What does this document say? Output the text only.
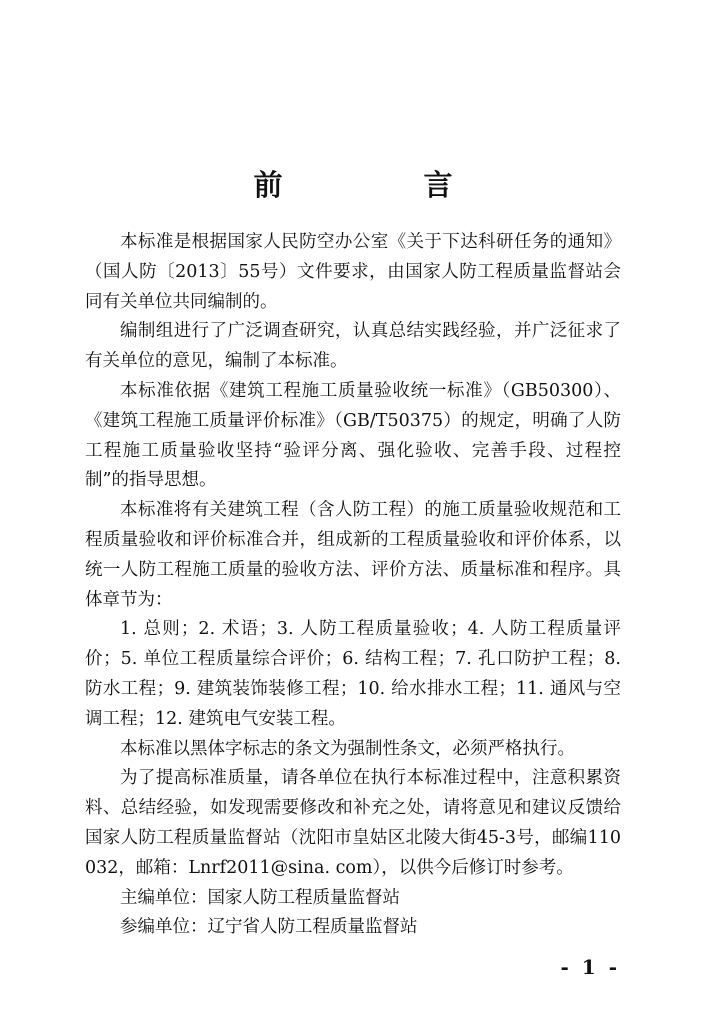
前　言

本标准是根据国家人民防空办公室《关于下达科研任务的通知》（国人防〔2013〕55号）文件要求，由国家人防工程质量监督站会同有关单位共同编制的。

编制组进行了广泛调查研究，认真总结实践经验，并广泛征求了有关单位的意见，编制了本标准。

本标准依据《建筑工程施工质量验收统一标准》（GB50300）、《建筑工程施工质量评价标准》（GB/T50375）的规定，明确了人防工程施工质量验收坚持“验评分离、强化验收、完善手段、过程控制”的指导思想。

本标准将有关建筑工程（含人防工程）的施工质量验收规范和工程质量验收和评价标准合并，组成新的工程质量验收和评价体系，以统一人防工程施工质量的验收方法、评价方法、质量标准和程序。具体章节为：

1. 总则；2. 术语；3. 人防工程质量验收；4. 人防工程质量评价；5. 单位工程质量综合评价；6. 结构工程；7. 孔口防护工程；8. 防水工程；9. 建筑装饰装修工程；10. 给水排水工程；11. 通风与空调工程；12. 建筑电气安装工程。

本标准以黑体字标志的条文为强制性条文，必须严格执行。

为了提高标准质量，请各单位在执行本标准过程中，注意积累资料、总结经验，如发现需要修改和补充之处，请将意见和建议反馈给国家人防工程质量监督站（沈阳市皇姑区北陵大街45-3号，邮编110032，邮箱：Lnrf2011@sina. com），以供今后修订时参考。

主编单位：国家人防工程质量监督站

参编单位：辽宁省人防工程质量监督站

- 1 -
